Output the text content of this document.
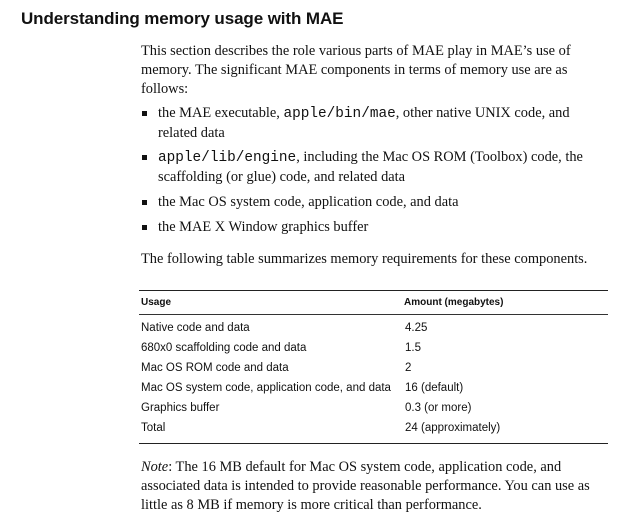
Understanding memory usage with MAE

This section describes the role various parts of MAE play in MAE’s use of memory. The significant MAE components in terms of memory use are as follows:

the MAE executable, apple/bin/mae, other native UNIX code, and related data
apple/lib/engine, including the Mac OS ROM (Toolbox) code, the scaffolding (or glue) code, and related data
the Mac OS system code, application code, and data
the MAE X Window graphics buffer

The following table summarizes memory requirements for these components.

Usage	Amount (megabytes)
Native code and data	4.25
680x0 scaffolding code and data	1.5
Mac OS ROM code and data	2
Mac OS system code, application code, and data 16 (default)
Graphics buffer	0.3 (or more)
Total	24 (approximately)

Note: The 16 MB default for Mac OS system code, application code, and associated data is intended to provide reasonable performance. You can use as little as 8 MB if memory is more critical than performance.
